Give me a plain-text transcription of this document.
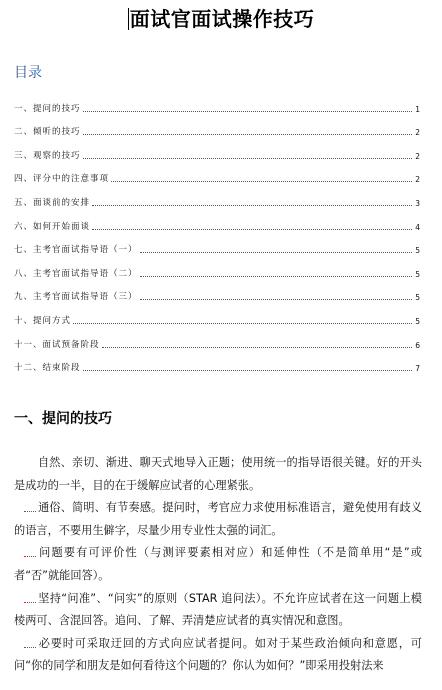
面试官面试操作技巧
目录
一、提问的技巧	1
二、倾听的技巧	2
三、观察的技巧	2
四、评分中的注意事项	2
五、面谈前的安排	3
六、如何开始面谈	4
七、主考官面试指导语（一）	5
八、主考官面试指导语（二）	5
九、主考官面试指导语（三）	5
十、提问方式	5
十一、面试预备阶段	6
十二、结束阶段	7
一、提问的技巧

自然、亲切、渐进、聊天式地导入正题；使用统一的指导语很关键。好的开头是成功的一半，目的在于缓解应试者的心理紧张。

通俗、简明、有节奏感。提问时，考官应力求使用标准语言，避免使用有歧义的语言，不要用生僻字，尽量少用专业性太强的词汇。

问题要有可评价性（与测评要素相对应）和延伸性（不是简单用“是”或者“否”就能回答）。

坚持“问准”、“问实”的原则（STAR 追问法）。不允许应试者在这一问题上模棱两可、含混回答。追问、了解、弄清楚应试者的真实情况和意图。

必要时可采取迂回的方式向应试者提问。如对于某些政治倾向和意愿，可问“你的同学和朋友是如何看待这个问题的？你认为如何？”即采用投射法来
